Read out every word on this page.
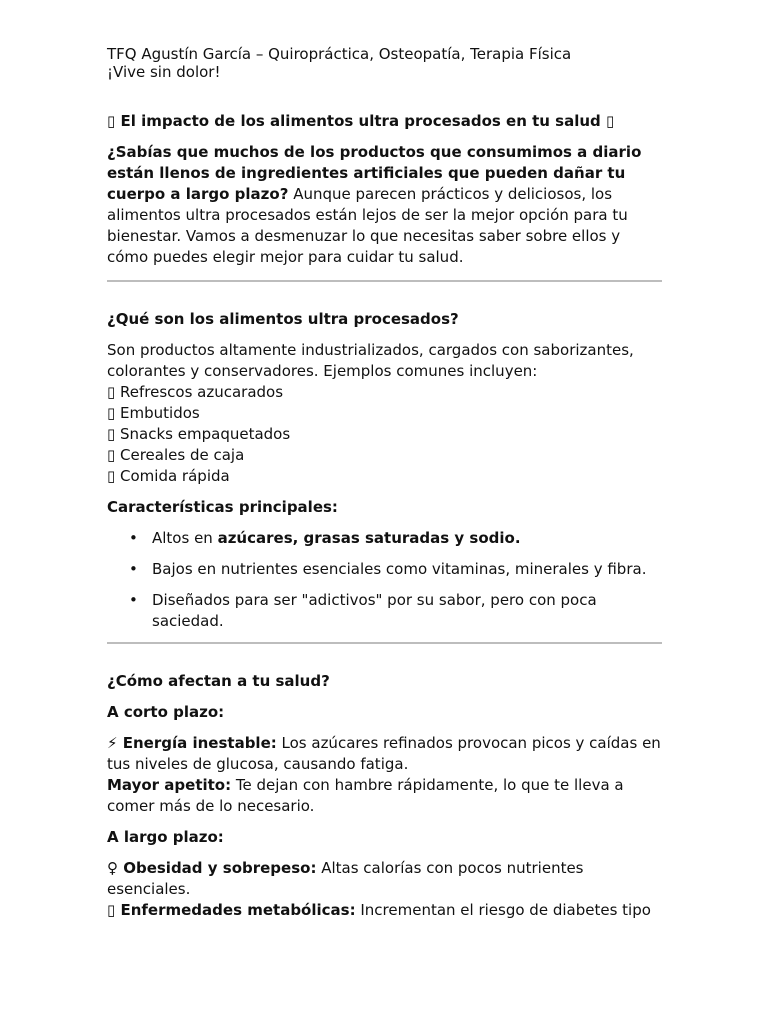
TFQ Agustín García – Quiropráctica, Osteopatía, Terapia Física

¡Vive sin dolor!

▯ El impacto de los alimentos ultra procesados en tu salud ▯

¿Sabías que muchos de los productos que consumimos a diario están llenos de ingredientes artificiales que pueden dañar tu cuerpo a largo plazo? Aunque parecen prácticos y deliciosos, los alimentos ultra procesados están lejos de ser la mejor opción para tu bienestar. Vamos a desmenuzar lo que necesitas saber sobre ellos y cómo puedes elegir mejor para cuidar tu salud.

¿Qué son los alimentos ultra procesados?

Son productos altamente industrializados, cargados con saborizantes, colorantes y conservadores. Ejemplos comunes incluyen:
▯ Refrescos azucarados
▯ Embutidos
▯ Snacks empaquetados
▯ Cereales de caja
▯ Comida rápida

Características principales:

• Altos en azúcares, grasas saturadas y sodio.
• Bajos en nutrientes esenciales como vitaminas, minerales y fibra.
• Diseñados para ser "adictivos" por su sabor, pero con poca saciedad.

¿Cómo afectan a tu salud?

A corto plazo:

⚡ Energía inestable: Los azúcares refinados provocan picos y caídas en tus niveles de glucosa, causando fatiga.
Mayor apetito: Te dejan con hambre rápidamente, lo que te lleva a comer más de lo necesario.

A largo plazo:

♀ Obesidad y sobrepeso: Altas calorías con pocos nutrientes esenciales.
▯ Enfermedades metabólicas: Incrementan el riesgo de diabetes tipo
